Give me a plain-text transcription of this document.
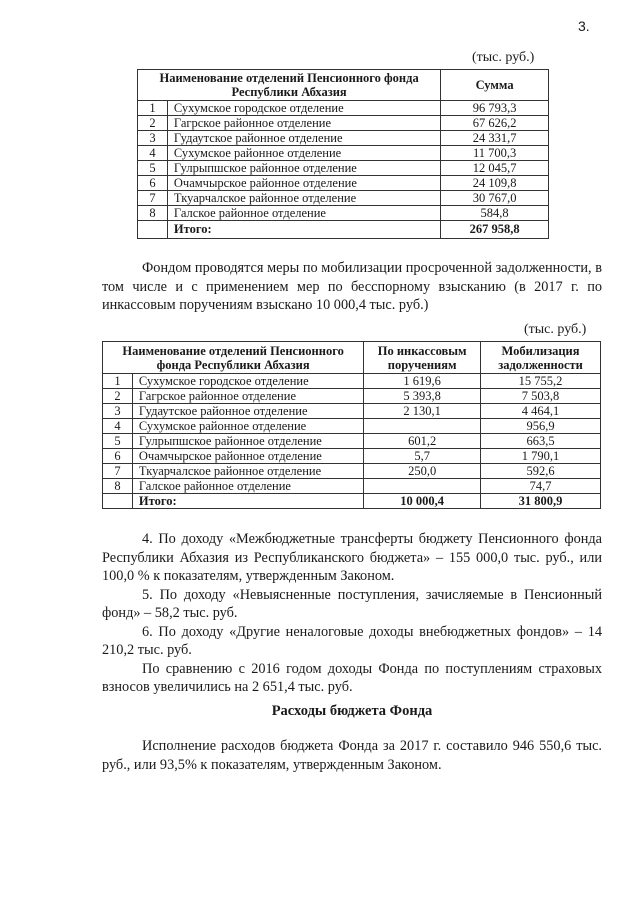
3.
(тыс. руб.)
Наименование отделений Пенсионного фонда Республики Абхазия		Сумма
1	Сухумское городское отделение	96 793,3
2	Гагрское районное отделение	67 626,2
3	Гудаутское районное отделение	24 331,7
4	Сухумское районное отделение	11 700,3
5	Гулрыпшское районное отделение	12 045,7
6	Очамчырское районное отделение	24 109,8
7	Ткуарчалское районное отделение	30 767,0
8	Галское районное отделение	584,8
	Итого:	267 958,8
Фондом проводятся меры по мобилизации просроченной задолженности, в том числе и с применением мер по бесспорному взысканию (в 2017 г. по инкассовым поручениям взыскано 10 000,4 тыс. руб.)
(тыс. руб.)
Наименование отделений Пенсионного фонда Республики Абхазия		По инкассовым поручениям	Мобилизация задолженности
1	Сухумское городское отделение	1 619,6	15 755,2
2	Гагрское районное отделение	5 393,8	7 503,8
3	Гудаутское районное отделение	2 130,1	4 464,1
4	Сухумское районное отделение		956,9
5	Гулрыпшское районное отделение	601,2	663,5
6	Очамчырское районное отделение	5,7	1 790,1
7	Ткуарчалское районное отделение	250,0	592,6
8	Галское районное отделение		74,7
	Итого:	10 000,4	31 800,9
4. По доходу «Межбюджетные трансферты бюджету Пенсионного фонда Республики Абхазия из Республиканского бюджета» – 155 000,0 тыс. руб., или 100,0 % к показателям, утвержденным Законом.
5. По доходу «Невыясненные поступления, зачисляемые в Пенсионный фонд» – 58,2 тыс. руб.
6. По доходу «Другие неналоговые доходы внебюджетных фондов» – 14 210,2 тыс. руб.
По сравнению с 2016 годом доходы Фонда по поступлениям страховых взносов увеличились на 2 651,4 тыс. руб.
Расходы бюджета Фонда
Исполнение расходов бюджета Фонда за 2017 г. составило 946 550,6 тыс. руб., или 93,5% к показателям, утвержденным Законом.
